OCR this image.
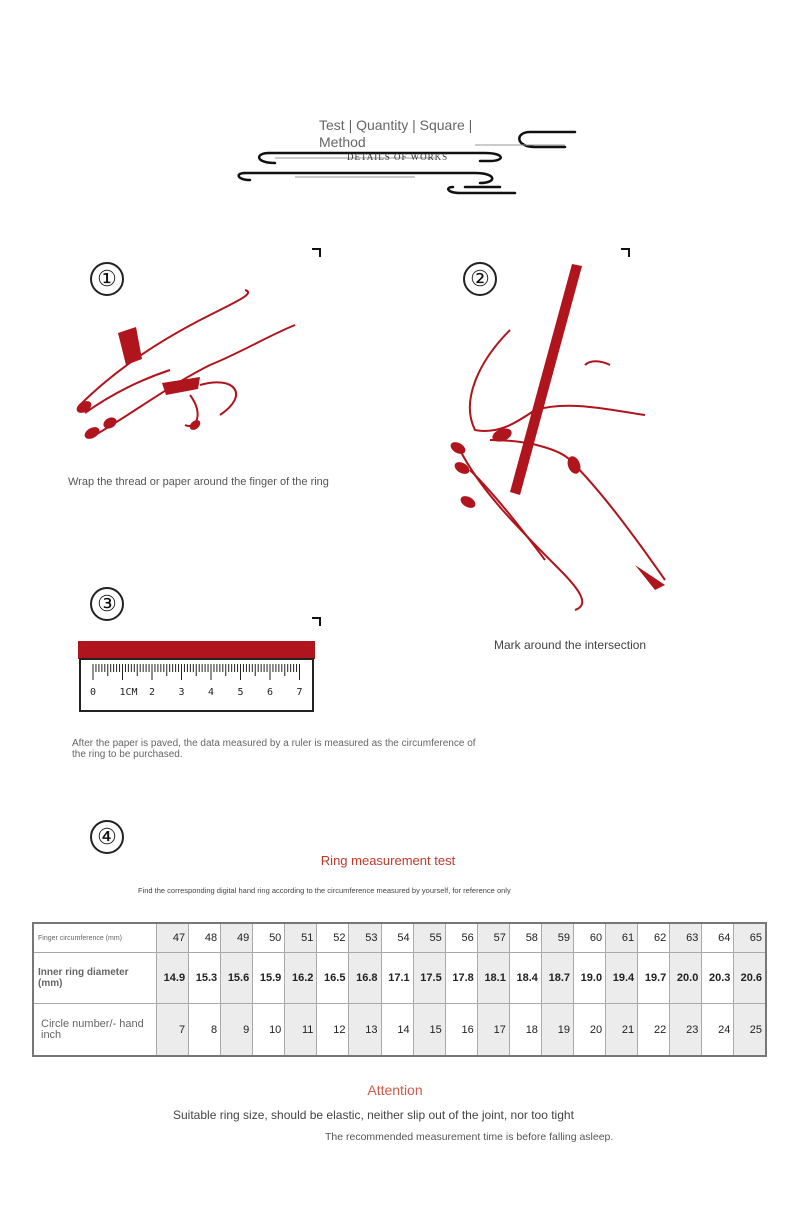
Test | Quantity | Square | Method
DETAILS OF WORKS
①
Wrap the thread or paper around the finger of the ring
②
Mark around the intersection
③
0 1CM 2 3 4 5 6 7
After the paper is paved, the data measured by a ruler is measured as the circumference of the ring to be purchased.
④
Ring measurement test
Find the corresponding digital hand ring according to the circumference measured by yourself, for reference only
Finger circumference (mm)	47	48	49	50	51	52	53	54	55	56	57	58	59	60	61	62	63	64	65
Inner ring diameter (mm)	14.9	15.3	15.6	15.9	16.2	16.5	16.8	17.1	17.5	17.8	18.1	18.4	18.7	19.0	19.4	19.7	20.0	20.3	20.6
Circle number/- hand inch	7	8	9	10	11	12	13	14	15	16	17	18	19	20	21	22	23	24	25
Attention
Suitable ring size, should be elastic, neither slip out of the joint, nor too tight
The recommended measurement time is before falling asleep.
